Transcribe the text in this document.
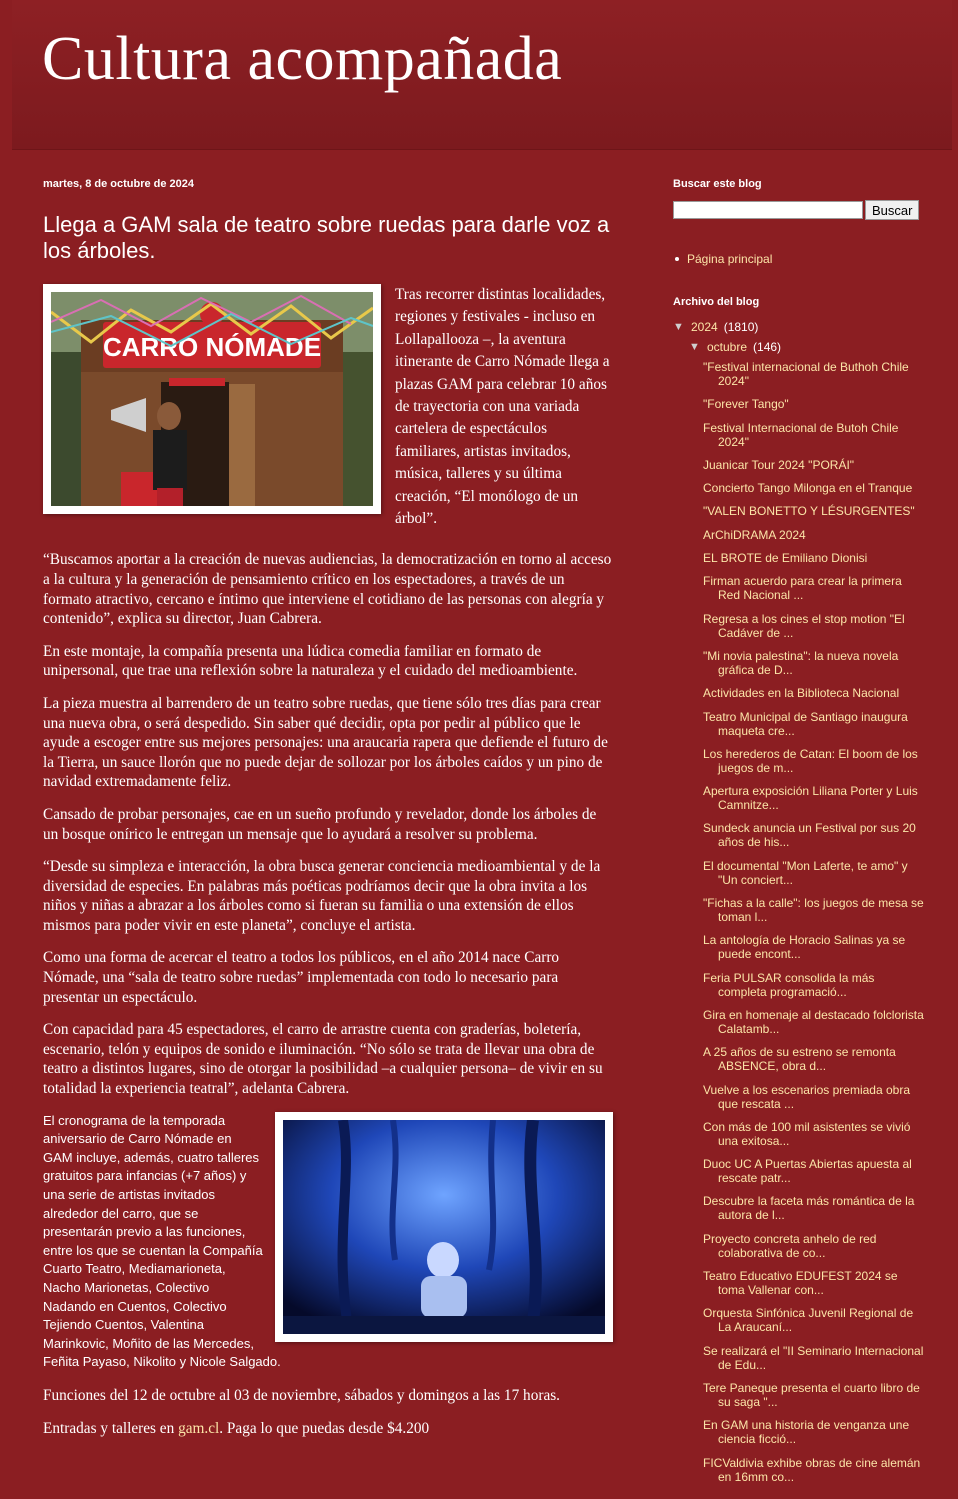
Cultura acompañada
martes, 8 de octubre de 2024
Llega a GAM sala de teatro sobre ruedas para darle voz a los árboles.
CARRO NÓMADE

Tras recorrer distintas localidades, regiones y festivales - incluso en Lollapallooza –, la aventura itinerante de Carro Nómade llega a plazas GAM para celebrar 10 años de trayectoria con una variada cartelera de espectáculos familiares, artistas invitados, música, talleres y su última creación, “El monólogo de un árbol”.

“Buscamos aportar a la creación de nuevas audiencias, la democratización en torno al acceso a la cultura y la generación de pensamiento crítico en los espectadores, a través de un formato atractivo, cercano e íntimo que interviene el cotidiano de las personas con alegría y contenido”, explica su director, Juan Cabrera.

En este montaje, la compañía presenta una lúdica comedia familiar en formato de unipersonal, que trae una reflexión sobre la naturaleza y el cuidado del medioambiente.

La pieza muestra al barrendero de un teatro sobre ruedas, que tiene sólo tres días para crear una nueva obra, o será despedido. Sin saber qué decidir, opta por pedir al público que le ayude a escoger entre sus mejores personajes: una araucaria rapera que defiende el futuro de la Tierra, un sauce llorón que no puede dejar de sollozar por los árboles caídos y un pino de navidad extremadamente feliz.

Cansado de probar personajes, cae en un sueño profundo y revelador, donde los árboles de un bosque onírico le entregan un mensaje que lo ayudará a resolver su problema.

“Desde su simpleza e interacción, la obra busca generar conciencia medioambiental y de la diversidad de especies. En palabras más poéticas podríamos decir que la obra invita a los niños y niñas a abrazar a los árboles como si fueran su familia o una extensión de ellos mismos para poder vivir en este planeta”, concluye el artista.

Como una forma de acercar el teatro a todos los públicos, en el año 2014 nace Carro Nómade, una “sala de teatro sobre ruedas” implementada con todo lo necesario para presentar un espectáculo.

Con capacidad para 45 espectadores, el carro de arrastre cuenta con graderías, boletería, escenario, telón y equipos de sonido e iluminación. “No sólo se trata de llevar una obra de teatro a distintos lugares, sino de otorgar la posibilidad –a cualquier persona– de vivir en su totalidad la experiencia teatral”, adelanta Cabrera.

El cronograma de la temporada aniversario de Carro Nómade en GAM incluye, además, cuatro talleres gratuitos para infancias (+7 años) y una serie de artistas invitados alrededor del carro, que se presentarán previo a las funciones, entre los que se cuentan la Compañía Cuarto Teatro, Mediamarioneta, Nacho Marionetas, Colectivo Nadando en Cuentos, Colectivo Tejiendo Cuentos, Valentina Marinkovic, Moñito de las Mercedes, Feñita Payaso, Nikolito y Nicole Salgado.

Funciones del 12 de octubre al 03 de noviembre, sábados y domingos a las 17 horas.

Entradas y talleres en gam.cl. Paga lo que puedas desde $4.200

Buscar este blog
Buscar
Página principal
Archivo del blog
▼ 2024 (1810)
▼ octubre (146)
"Festival internacional de Buthoh Chile 2024"
"Forever Tango"
Festival Internacional de Butoh Chile 2024"
Juanicar Tour 2024 "PORÁI"
Concierto Tango Milonga en el Tranque
"VALEN BONETTO Y LÉSURGENTES"
ArChiDRAMA 2024
EL BROTE de Emiliano Dionisi
Firman acuerdo para crear la primera Red Nacional ...
Regresa a los cines el stop motion "El Cadáver de ...
"Mi novia palestina": la nueva novela gráfica de D...
Actividades en la Biblioteca Nacional
Teatro Municipal de Santiago inaugura maqueta cre...
Los herederos de Catan: El boom de los juegos de m...
Apertura exposición Liliana Porter y Luis Camnitze...
Sundeck anuncia un Festival por sus 20 años de his...
El documental "Mon Laferte, te amo" y "Un conciert...
"Fichas a la calle": los juegos de mesa se toman l...
La antología de Horacio Salinas ya se puede encont...
Feria PULSAR consolida la más completa programació...
Gira en homenaje al destacado folclorista Calatamb...
A 25 años de su estreno se remonta ABSENCE, obra d...
Vuelve a los escenarios premiada obra que rescata ...
Con más de 100 mil asistentes se vivió una exitosa...
Duoc UC A Puertas Abiertas apuesta al rescate patr...
Descubre la faceta más romántica de la autora de l...
Proyecto concreta anhelo de red colaborativa de co...
Teatro Educativo EDUFEST 2024 se toma Vallenar con...
Orquesta Sinfónica Juvenil Regional de La Araucaní...
Se realizará el "II Seminario Internacional de Edu...
Tere Paneque presenta el cuarto libro de su saga "...
En GAM una historia de venganza une ciencia ficció...
FICValdivia exhibe obras de cine alemán en 16mm co...
